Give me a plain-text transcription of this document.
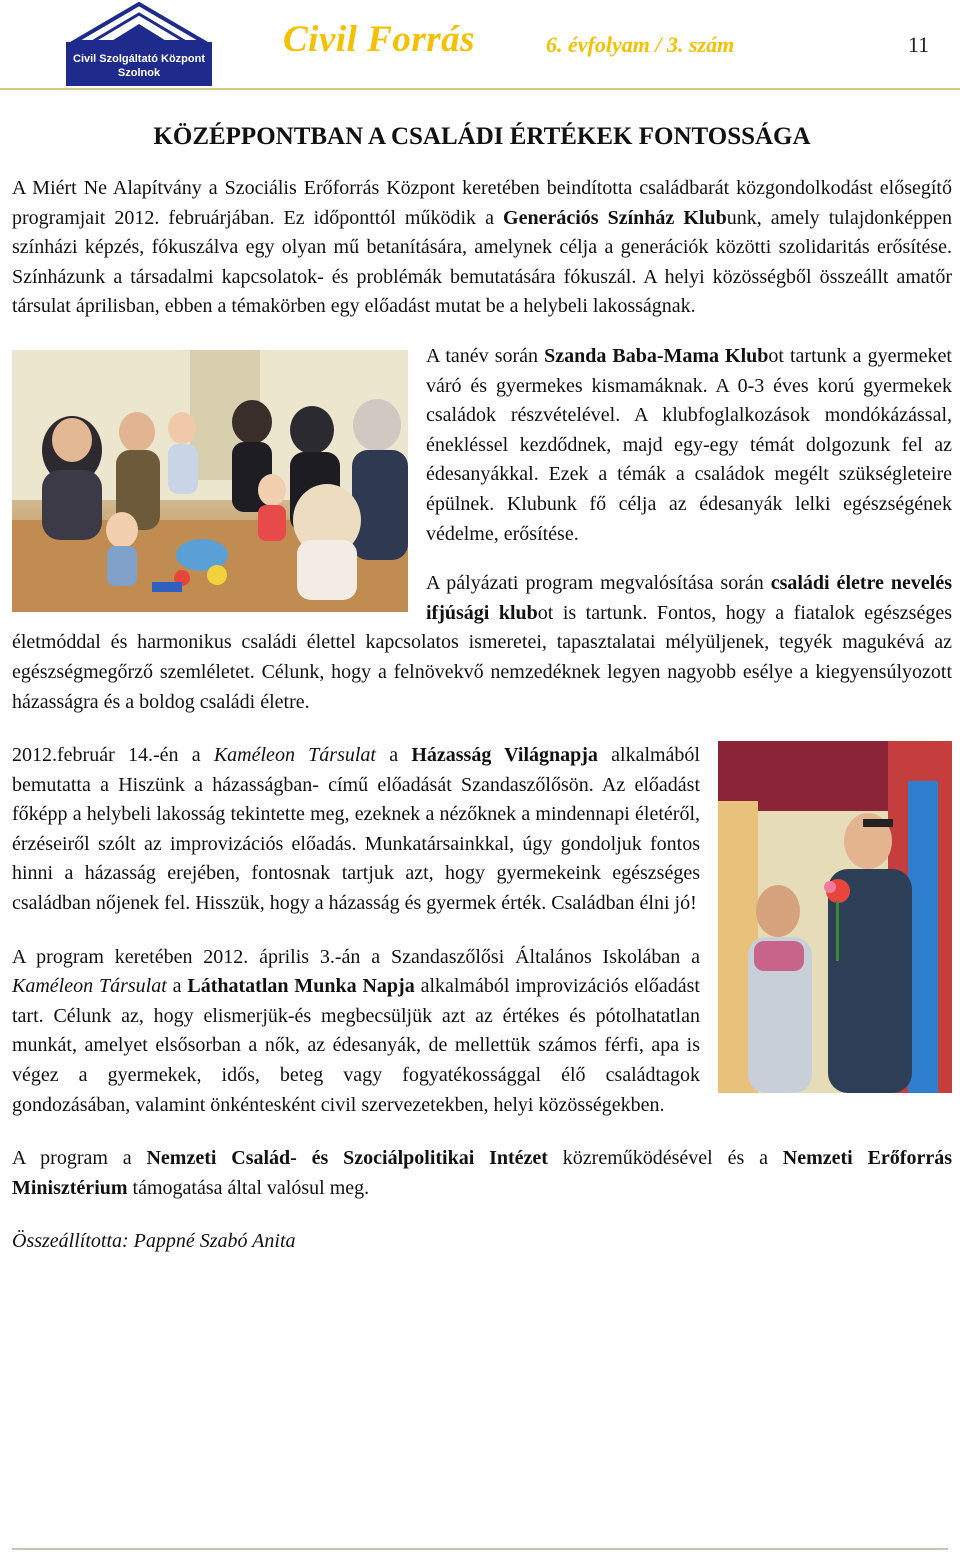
Civil Szolgáltató Központ
Szolnok
Civil Forrás	6. évfolyam / 3. szám	11
KÖZÉPPONTBAN A CSALÁDI ÉRTÉKEK FONTOSSÁGA

A Miért Ne Alapítvány a Szociális Erőforrás Központ keretében beindította családbarát közgondolkodást elősegítő programjait 2012. februárjában. Ez időponttól működik a Generációs Színház Klubunk, amely tulajdonképpen színházi képzés, fókuszálva egy olyan mű betanítására, amelynek célja a generációk közötti szolidaritás erősítése. Színházunk a társadalmi kapcsolatok- és problémák bemutatására fókuszál. A helyi közösségből összeállt amatőr társulat áprilisban, ebben a témakörben egy előadást mutat be a helybeli lakosságnak.

A tanév során Szanda Baba-Mama Klubot tartunk a gyermeket váró és gyermekes kismamáknak. A 0-3 éves korú gyermekek családok részvételével. A klubfoglalkozások mondókázással, énekléssel kezdődnek, majd egy-egy témát dolgozunk fel az édesanyákkal. Ezek a témák a családok megélt szükségleteire épülnek. Klubunk fő célja az édesanyák lelki egészségének védelme, erősítése.

A pályázati program megvalósítása során családi életre nevelés ifjúsági klubot is tartunk. Fontos, hogy a fiatalok egészséges életmóddal és harmonikus családi élettel kapcsolatos ismeretei, tapasztalatai mélyüljenek, tegyék magukévá az egészségmegőrző szemléletet. Célunk, hogy a felnövekvő nemzedéknek legyen nagyobb esélye a kiegyensúlyozott házasságra és a boldog családi életre.

2012.február 14.-én a Kaméleon Társulat a Házasság Világnapja alkalmából bemutatta a Hiszünk a házasságban- című előadását Szandaszőlősön. Az előadást főképp a helybeli lakosság tekintette meg, ezeknek a nézőknek a mindennapi életéről, érzéseiről szólt az improvizációs előadás. Munkatársainkkal, úgy gondoljuk fontos hinni a házasság erejében, fontosnak tartjuk azt, hogy gyermekeink egészséges családban nőjenek fel. Hisszük, hogy a házasság és gyermek érték. Családban élni jó!

A program keretében 2012. április 3.-án a Szandaszőlősi Általános Iskolában a Kaméleon Társulat a Láthatatlan Munka Napja alkalmából improvizációs előadást tart. Célunk az, hogy elismerjük-és megbecsüljük azt az értékes és pótolhatatlan munkát, amelyet elsősorban a nők, az édesanyák, de mellettük számos férfi, apa is végez a gyermekek, idős, beteg vagy fogyatékossággal élő családtagok gondozásában, valamint önkéntesként civil szervezetekben, helyi közösségekben.

A program a Nemzeti Család- és Szociálpolitikai Intézet közreműködésével és a Nemzeti Erőforrás Minisztérium támogatása által valósul meg.

Összeállította: Pappné Szabó Anita
